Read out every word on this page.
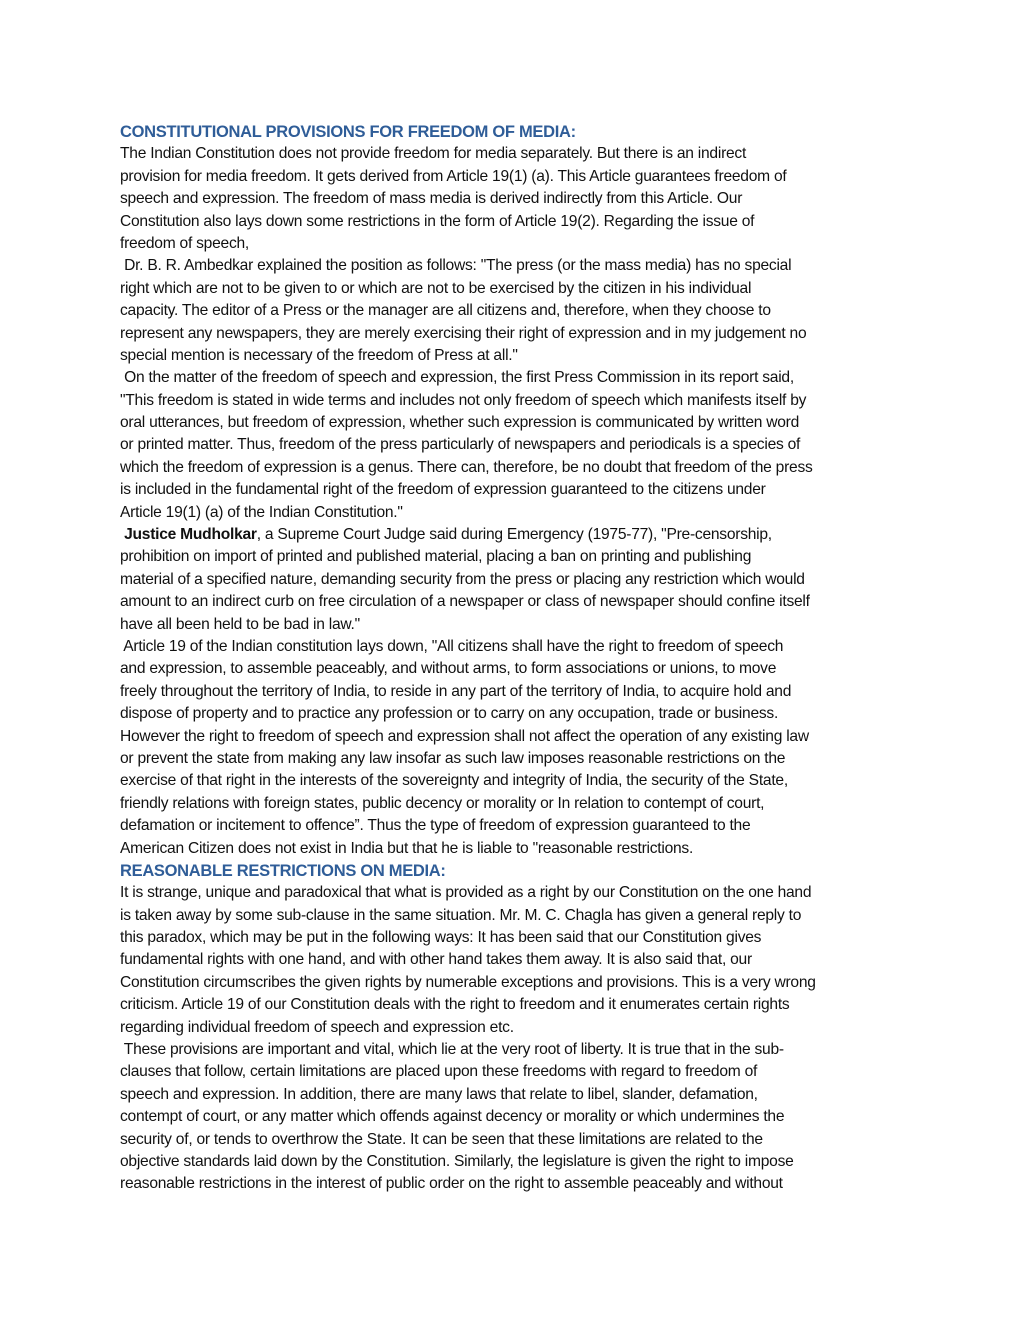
CONSTITUTIONAL PROVISIONS FOR FREEDOM OF MEDIA:
The Indian Constitution does not provide freedom for media separately. But there is an indirect
provision for media freedom. It gets derived from Article 19(1) (a). This Article guarantees freedom of
speech and expression. The freedom of mass media is derived indirectly from this Article. Our
Constitution also lays down some restrictions in the form of Article 19(2). Regarding the issue of
freedom of speech,
Dr. B. R. Ambedkar explained the position as follows: "The press (or the mass media) has no special
right which are not to be given to or which are not to be exercised by the citizen in his individual
capacity. The editor of a Press or the manager are all citizens and, therefore, when they choose to
represent any newspapers, they are merely exercising their right of expression and in my judgement no
special mention is necessary of the freedom of Press at all."
On the matter of the freedom of speech and expression, the first Press Commission in its report said,
"This freedom is stated in wide terms and includes not only freedom of speech which manifests itself by
oral utterances, but freedom of expression, whether such expression is communicated by written word
or printed matter. Thus, freedom of the press particularly of newspapers and periodicals is a species of
which the freedom of expression is a genus. There can, therefore, be no doubt that freedom of the press
is included in the fundamental right of the freedom of expression guaranteed to the citizens under
Article 19(1) (a) of the Indian Constitution."
Justice Mudholkar, a Supreme Court Judge said during Emergency (1975-77), "Pre-censorship,
prohibition on import of printed and published material, placing a ban on printing and publishing
material of a specified nature, demanding security from the press or placing any restriction which would
amount to an indirect curb on free circulation of a newspaper or class of newspaper should confine itself
have all been held to be bad in law."
Article 19 of the Indian constitution lays down, "All citizens shall have the right to freedom of speech
and expression, to assemble peaceably, and without arms, to form associations or unions, to move
freely throughout the territory of India, to reside in any part of the territory of India, to acquire hold and
dispose of property and to practice any profession or to carry on any occupation, trade or business.
However the right to freedom of speech and expression shall not affect the operation of any existing law
or prevent the state from making any law insofar as such law imposes reasonable restrictions on the
exercise of that right in the interests of the sovereignty and integrity of India, the security of the State,
friendly relations with foreign states, public decency or morality or In relation to contempt of court,
defamation or incitement to offence”. Thus the type of freedom of expression guaranteed to the
American Citizen does not exist in India but that he is liable to "reasonable restrictions.
REASONABLE RESTRICTIONS ON MEDIA:
It is strange, unique and paradoxical that what is provided as a right by our Constitution on the one hand
is taken away by some sub-clause in the same situation. Mr. M. C. Chagla has given a general reply to
this paradox, which may be put in the following ways: It has been said that our Constitution gives
fundamental rights with one hand, and with other hand takes them away. It is also said that, our
Constitution circumscribes the given rights by numerable exceptions and provisions. This is a very wrong
criticism. Article 19 of our Constitution deals with the right to freedom and it enumerates certain rights
regarding individual freedom of speech and expression etc.
These provisions are important and vital, which lie at the very root of liberty. It is true that in the sub-
clauses that follow, certain limitations are placed upon these freedoms with regard to freedom of
speech and expression. In addition, there are many laws that relate to libel, slander, defamation,
contempt of court, or any matter which offends against decency or morality or which undermines the
security of, or tends to overthrow the State. It can be seen that these limitations are related to the
objective standards laid down by the Constitution. Similarly, the legislature is given the right to impose
reasonable restrictions in the interest of public order on the right to assemble peaceably and without
